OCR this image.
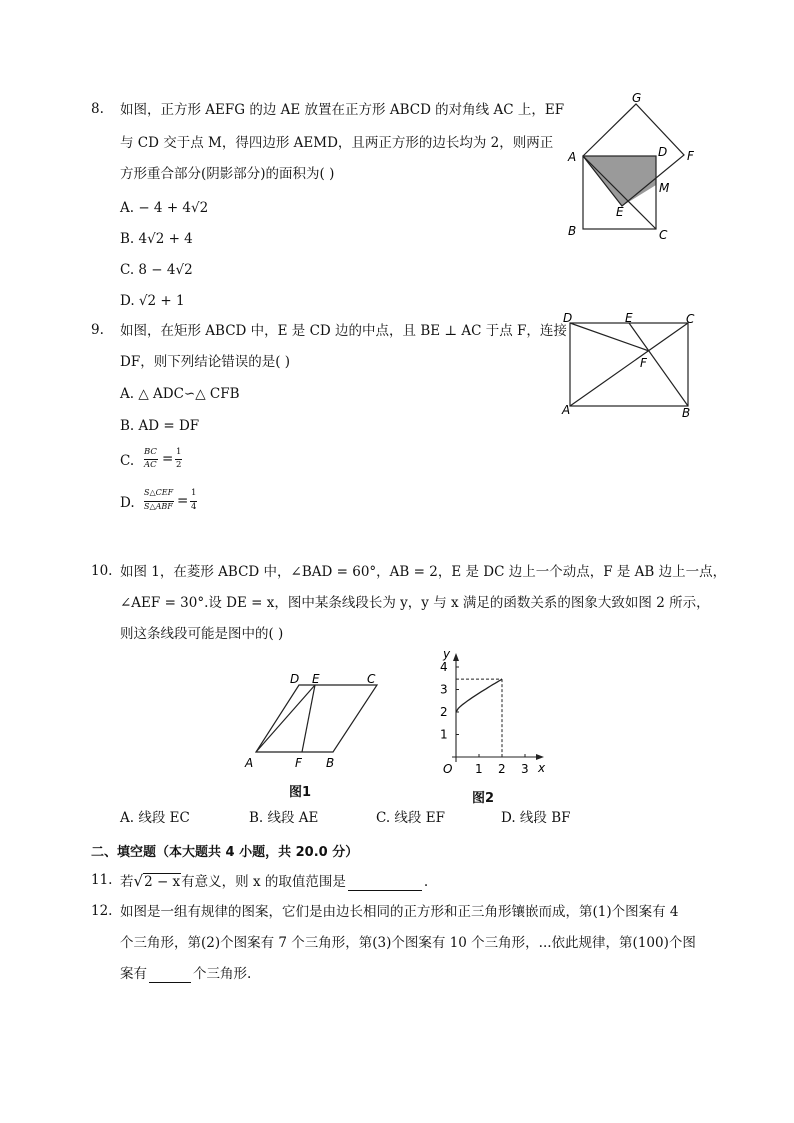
8. 如图，正方形 AEFG 的边 AE 放置在正方形 ABCD 的对角线 AC 上，EF
与 CD 交于点 M，得四边形 AEMD，且两正方形的边长均为 2，则两正
方形重合部分(阴影部分)的面积为( )
A. − 4 + 4√2
B. 4√2 + 4
C. 8 − 4√2
D. √2 + 1
G
A	D F
M
E
B	C
9. 如图，在矩形 ABCD 中，E 是 CD 边的中点，且 BE ⊥ AC 于点 F，连接
DF，则下列结论错误的是( )
A. △ ADC∽△ CFB
B. AD = DF
C.
BC
AC = 1
2
D.
S△CEF
S△ABF = 1
4
D	E	C
F
A	B
10. 如图 1，在菱形 ABCD 中，∠BAD = 60°，AB = 2，E 是 DC 边上一个动点，F 是 AB 边上一点，
∠AEF = 30°.设 DE = x，图中某条线段长为 y，y 与 x 满足的函数关系的图象大致如图 2 所示，
则这条线段可能是图中的( )
D E	C
A	F B
图1
y
x
O
1
2
3
4
1 2 3
图2
A. 线段 EC	B. 线段 AE	C. 线段 EF	D. 线段 BF
二、填空题（本大题共 4 小题，共 20.0 分）
11. 若√2 − x有意义，则 x 的取值范围是	.
12. 如图是一组有规律的图案，它们是由边长相同的正方形和正三角形镶嵌而成，第(1)个图案有 4
个三角形，第(2)个图案有 7 个三角形，第(3)个图案有 10 个三角形，...依此规律，第(100)个图
案有	个三角形.
